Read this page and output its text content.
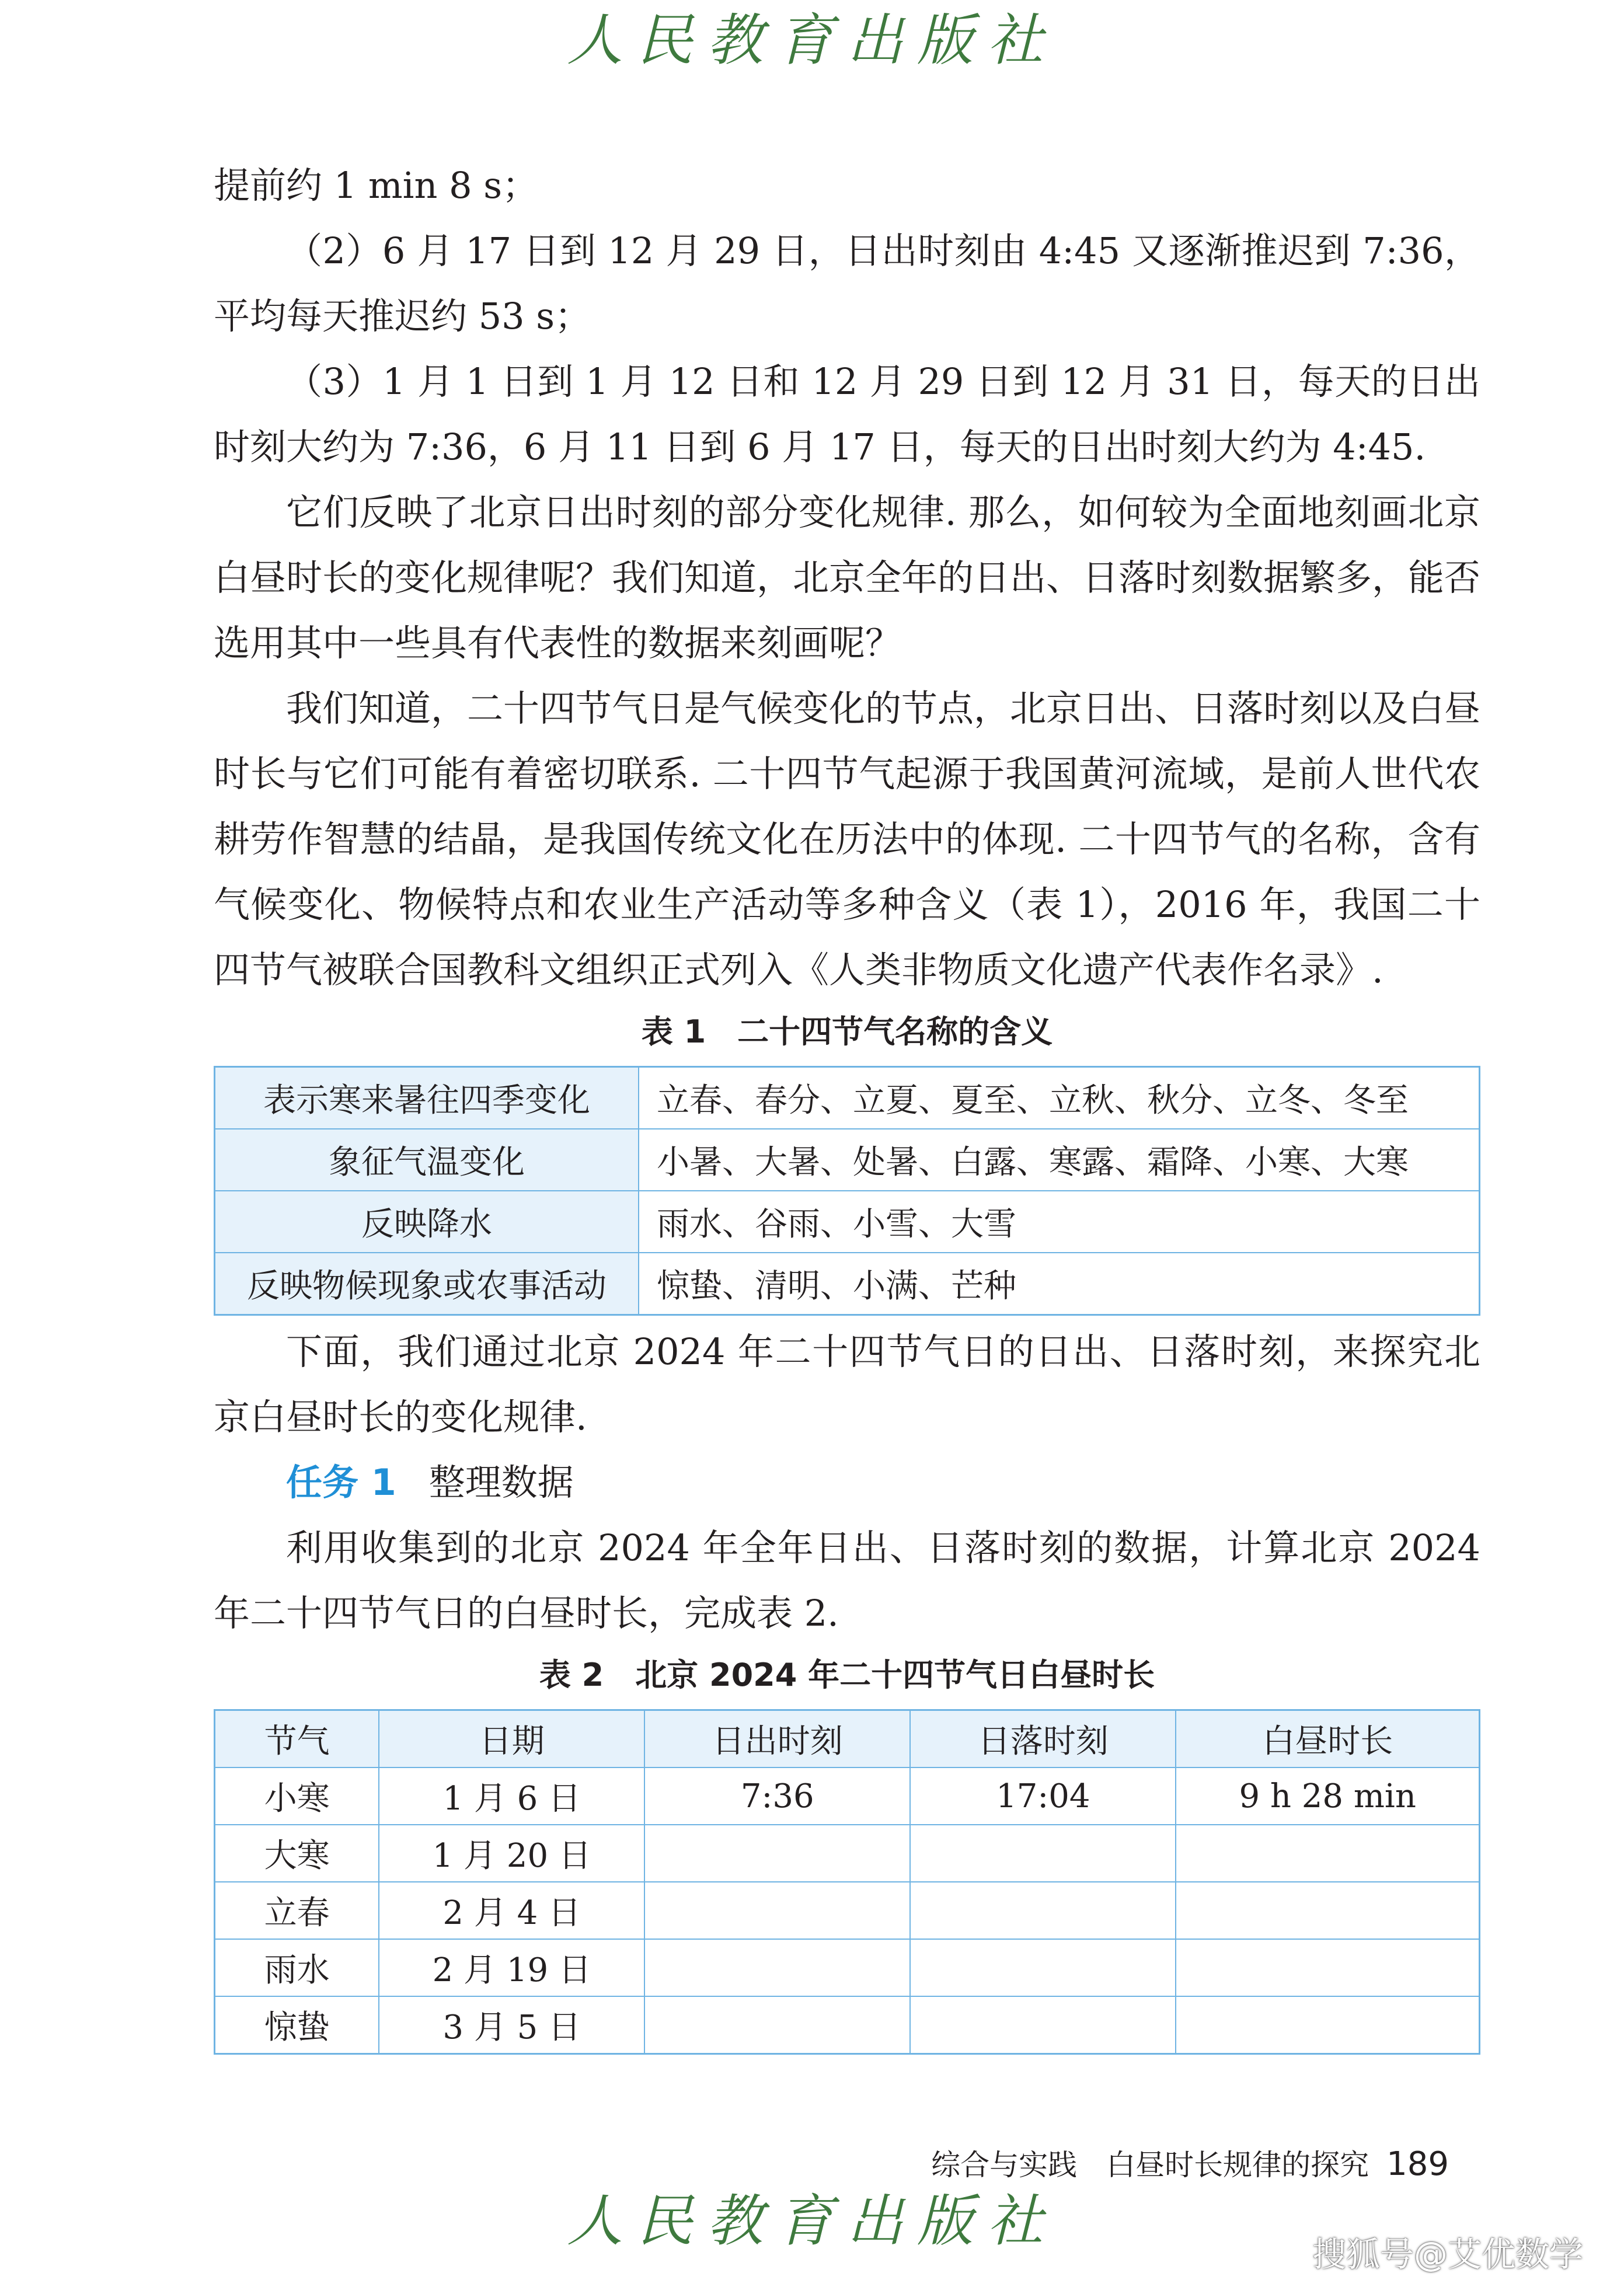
人民教育出版社

提前约 1 min 8 s；

（2）6 月 17 日到 12 月 29 日，日出时刻由 4:45 又逐渐推迟到 7:36，平均每天推迟约 53 s；

（3）1 月 1 日到 1 月 12 日和 12 月 29 日到 12 月 31 日，每天的日出时刻大约为 7:36，6 月 11 日到 6 月 17 日，每天的日出时刻大约为 4:45.

它们反映了北京日出时刻的部分变化规律. 那么，如何较为全面地刻画北京白昼时长的变化规律呢？我们知道，北京全年的日出、日落时刻数据繁多，能否选用其中一些具有代表性的数据来刻画呢？

我们知道，二十四节气日是气候变化的节点，北京日出、日落时刻以及白昼时长与它们可能有着密切联系. 二十四节气起源于我国黄河流域，是前人世代农耕劳作智慧的结晶，是我国传统文化在历法中的体现. 二十四节气的名称，含有气候变化、物候特点和农业生产活动等多种含义（表 1），2016 年，我国二十四节气被联合国教科文组织正式列入《人类非物质文化遗产代表作名录》.

表 1　二十四节气名称的含义

表示寒来暑往四季变化	立春、春分、立夏、夏至、立秋、秋分、立冬、冬至
象征气温变化	小暑、大暑、处暑、白露、寒露、霜降、小寒、大寒
反映降水	雨水、谷雨、小雪、大雪
反映物候现象或农事活动	惊蛰、清明、小满、芒种

下面，我们通过北京 2024 年二十四节气日的日出、日落时刻，来探究北京白昼时长的变化规律.

任务 1 整理数据

利用收集到的北京 2024 年全年日出、日落时刻的数据，计算北京 2024 年二十四节气日的白昼时长，完成表 2.

表 2　北京 2024 年二十四节气日白昼时长

节气	日期	日出时刻	日落时刻	白昼时长
小寒	1 月 6 日	7:36	17:04	9 h 28 min
大寒	1 月 20 日			
立春	2 月 4 日			
雨水	2 月 19 日			
惊蛰	3 月 5 日			
综合与实践　白昼时长规律的探究 189
人民教育出版社
搜狐号@艾优数学
